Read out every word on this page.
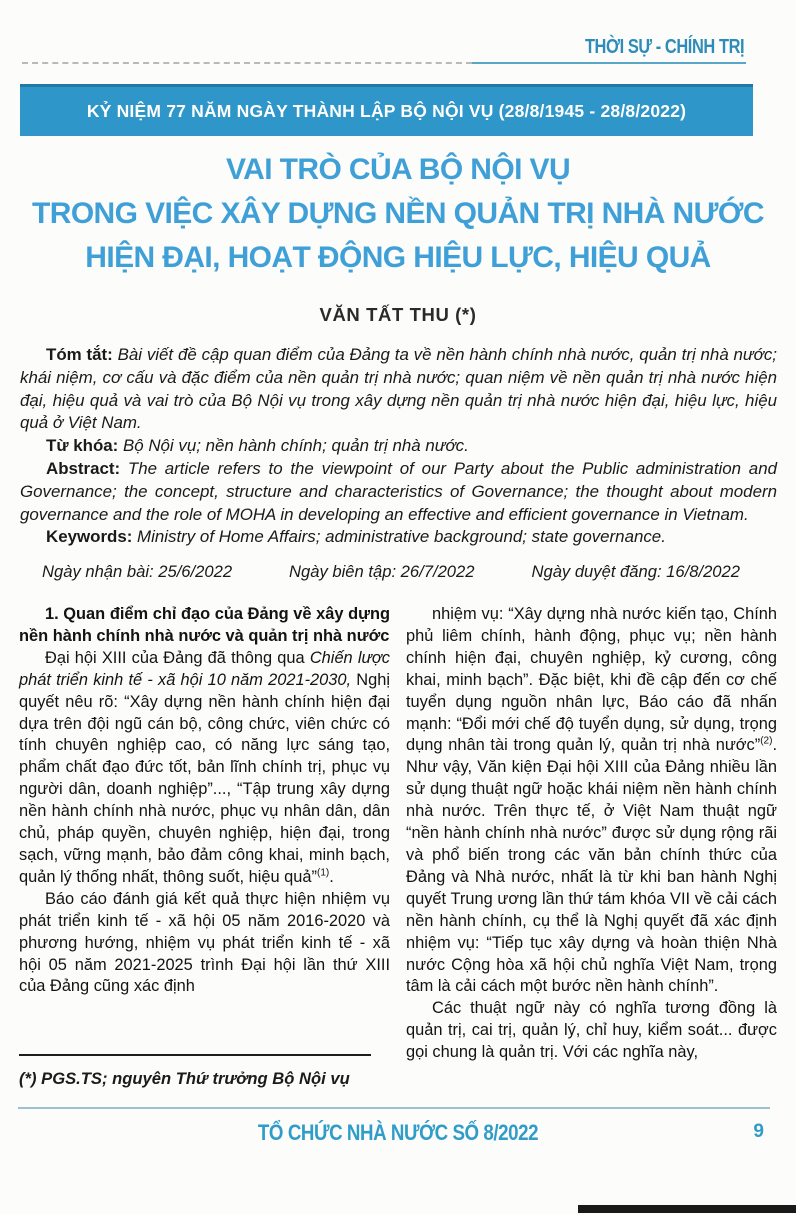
THỜI SỰ - CHÍNH TRỊ
KỶ NIỆM 77 NĂM NGÀY THÀNH LẬP BỘ NỘI VỤ (28/8/1945 - 28/8/2022)
VAI TRÒ CỦA BỘ NỘI VỤ
TRONG VIỆC XÂY DỰNG NỀN QUẢN TRỊ NHÀ NƯỚC
HIỆN ĐẠI, HOẠT ĐỘNG HIỆU LỰC, HIỆU QUẢ
VĂN TẤT THU (*)

Tóm tắt: Bài viết đề cập quan điểm của Đảng ta về nền hành chính nhà nước, quản trị nhà nước; khái niệm, cơ cấu và đặc điểm của nền quản trị nhà nước; quan niệm về nền quản trị nhà nước hiện đại, hiệu quả và vai trò của Bộ Nội vụ trong xây dựng nền quản trị nhà nước hiện đại, hiệu lực, hiệu quả ở Việt Nam.

Từ khóa: Bộ Nội vụ; nền hành chính; quản trị nhà nước.

Abstract: The article refers to the viewpoint of our Party about the Public administration and Governance; the concept, structure and characteristics of Governance; the thought about modern governance and the role of MOHA in developing an effective and efficient governance in Vietnam.

Keywords: Ministry of Home Affairs; administrative background; state governance.

Ngày nhận bài: 25/6/2022	Ngày biên tập: 26/7/2022	Ngày duyệt đăng: 16/8/2022
1. Quan điểm chỉ đạo của Đảng về xây dựng nền hành chính nhà nước và quản trị nhà nước

Đại hội XIII của Đảng đã thông qua Chiến lược phát triển kinh tế - xã hội 10 năm 2021-2030, Nghị quyết nêu rõ: “Xây dựng nền hành chính hiện đại dựa trên đội ngũ cán bộ, công chức, viên chức có tính chuyên nghiệp cao, có năng lực sáng tạo, phẩm chất đạo đức tốt, bản lĩnh chính trị, phục vụ người dân, doanh nghiệp”..., “Tập trung xây dựng nền hành chính nhà nước, phục vụ nhân dân, dân chủ, pháp quyền, chuyên nghiệp, hiện đại, trong sạch, vững mạnh, bảo đảm công khai, minh bạch, quản lý thống nhất, thông suốt, hiệu quả”$^{(1)}$.

Báo cáo đánh giá kết quả thực hiện nhiệm vụ phát triển kinh tế - xã hội 05 năm 2016-2020 và phương hướng, nhiệm vụ phát triển kinh tế - xã hội 05 năm 2021-2025 trình Đại hội lần thứ XIII của Đảng cũng xác định

nhiệm vụ: “Xây dựng nhà nước kiến tạo, Chính phủ liêm chính, hành động, phục vụ; nền hành chính hiện đại, chuyên nghiệp, kỷ cương, công khai, minh bạch”. Đặc biệt, khi đề cập đến cơ chế tuyển dụng nguồn nhân lực, Báo cáo đã nhấn mạnh: “Đổi mới chế độ tuyển dụng, sử dụng, trọng dụng nhân tài trong quản lý, quản trị nhà nước”$^{(2)}$. Như vậy, Văn kiện Đại hội XIII của Đảng nhiều lần sử dụng thuật ngữ hoặc khái niệm nền hành chính nhà nước. Trên thực tế, ở Việt Nam thuật ngữ “nền hành chính nhà nước” được sử dụng rộng rãi và phổ biến trong các văn bản chính thức của Đảng và Nhà nước, nhất là từ khi ban hành Nghị quyết Trung ương lần thứ tám khóa VII về cải cách nền hành chính, cụ thể là Nghị quyết đã xác định nhiệm vụ: “Tiếp tục xây dựng và hoàn thiện Nhà nước Cộng hòa xã hội chủ nghĩa Việt Nam, trọng tâm là cải cách một bước nền hành chính”.

Các thuật ngữ này có nghĩa tương đồng là quản trị, cai trị, quản lý, chỉ huy, kiểm soát... được gọi chung là quản trị. Với các nghĩa này,

(*) PGS.TS; nguyên Thứ trưởng Bộ Nội vụ
TỔ CHỨC NHÀ NƯỚC SỐ 8/2022	9
